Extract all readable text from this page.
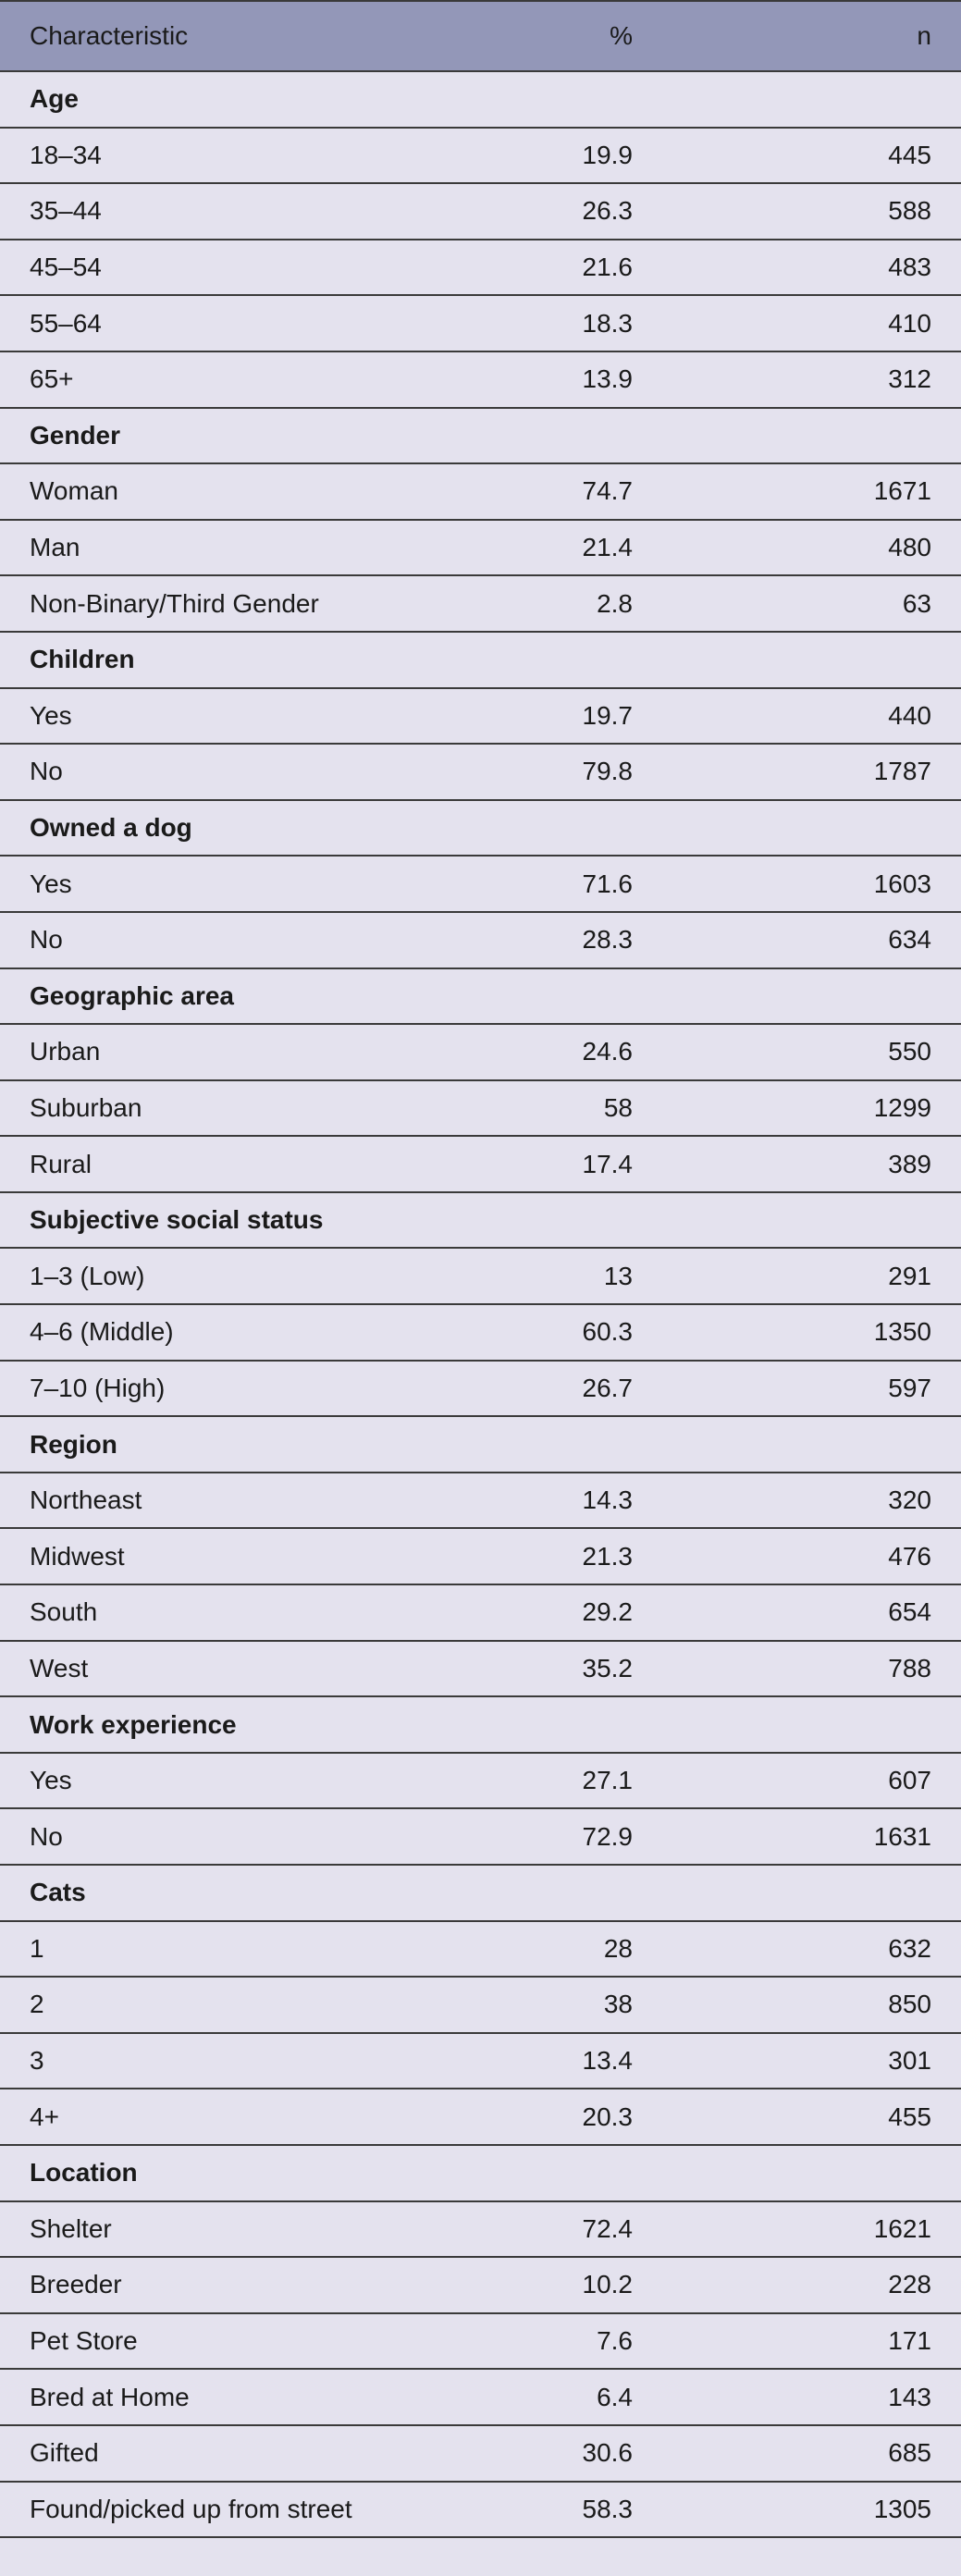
Characteristic	%	n
Age		
18–34	19.9	445
35–44	26.3	588
45–54	21.6	483
55–64	18.3	410
65+	13.9	312
Gender		
Woman	74.7	1671
Man	21.4	480
Non-Binary/Third Gender	2.8	63
Children		
Yes	19.7	440
No	79.8	1787
Owned a dog		
Yes	71.6	1603
No	28.3	634
Geographic area		
Urban	24.6	550
Suburban	58	1299
Rural	17.4	389
Subjective social status		
1–3 (Low)	13	291
4–6 (Middle)	60.3	1350
7–10 (High)	26.7	597
Region		
Northeast	14.3	320
Midwest	21.3	476
South	29.2	654
West	35.2	788
Work experience		
Yes	27.1	607
No	72.9	1631
Cats		
1	28	632
2	38	850
3	13.4	301
4+	20.3	455
Location		
Shelter	72.4	1621
Breeder	10.2	228
Pet Store	7.6	171
Bred at Home	6.4	143
Gifted	30.6	685
Found/picked up from street	58.3	1305
